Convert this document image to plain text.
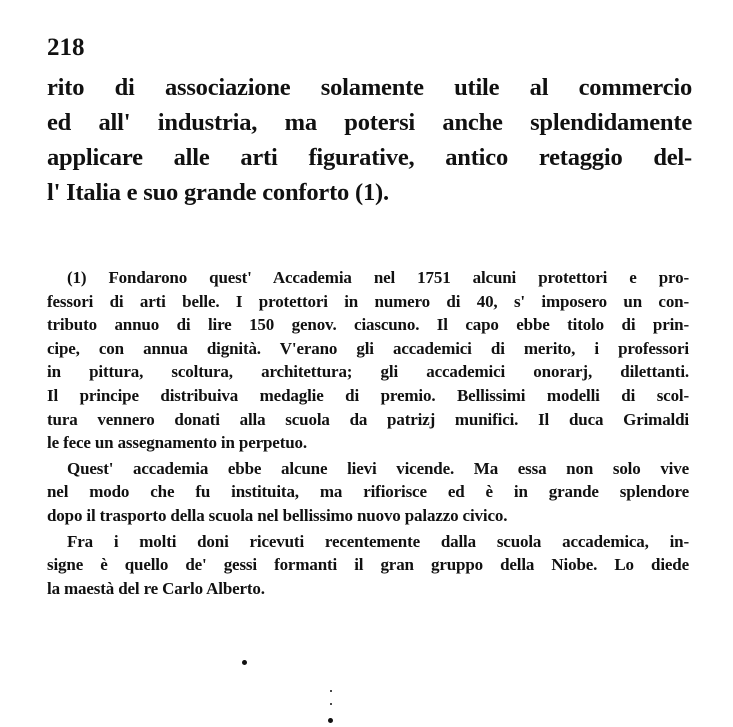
218
rito di associazione solamente utile al commercio
ed all' industria, ma potersi anche splendidamente
applicare alle arti figurative, antico retaggio del-
l' Italia e suo grande conforto (1).
(1) Fondarono quest' Accademia nel 1751 alcuni protettori e pro-
fessori di arti belle. I protettori in numero di 40, s' imposero un con-
tributo annuo di lire 150 genov. ciascuno. Il capo ebbe titolo di prin-
cipe, con annua dignità. V'erano gli accademici di merito, i professori
in pittura, scoltura, architettura; gli accademici onorarj, dilettanti.
Il principe distribuiva medaglie di premio. Bellissimi modelli di scol-
tura vennero donati alla scuola da patrizj munifici. Il duca Grimaldi
le fece un assegnamento in perpetuo.
Quest' accademia ebbe alcune lievi vicende. Ma essa non solo vive
nel modo che fu instituita, ma rifiorisce ed è in grande splendore
dopo il trasporto della scuola nel bellissimo nuovo palazzo civico.
Fra i molti doni ricevuti recentemente dalla scuola accademica, in-
signe è quello de' gessi formanti il gran gruppo della Niobe. Lo diede
la maestà del re Carlo Alberto.
